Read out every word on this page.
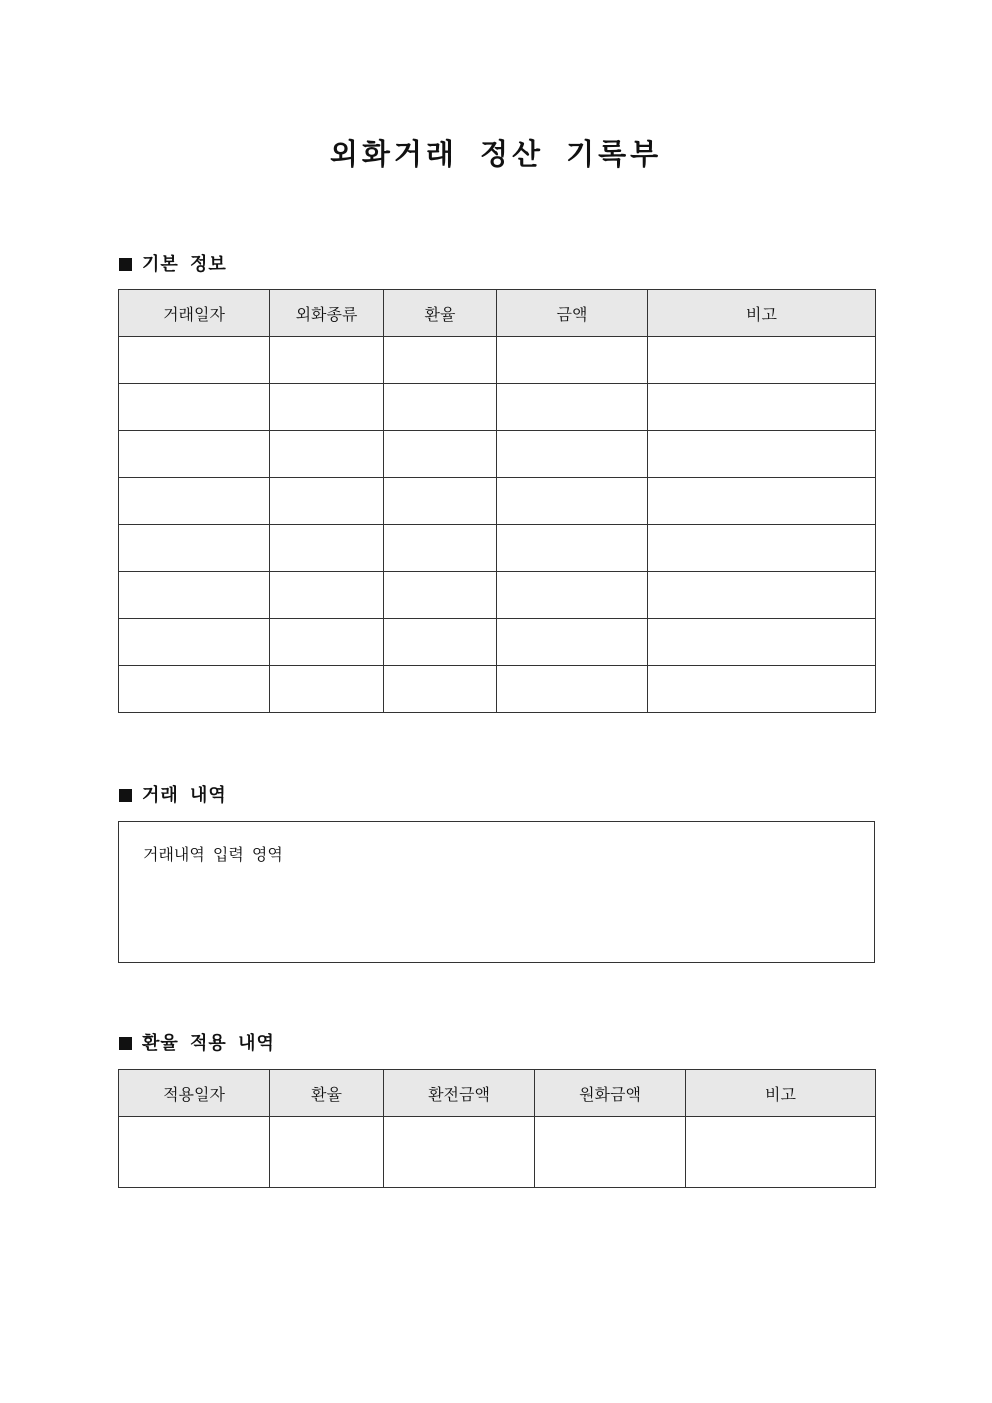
외화거래 정산 기록부
기본 정보
거래일자	외화종류	환율	금액	비고

거래 내역
거래내역 입력 영역
환율 적용 내역
적용일자	환율	환전금액	원화금액	비고
